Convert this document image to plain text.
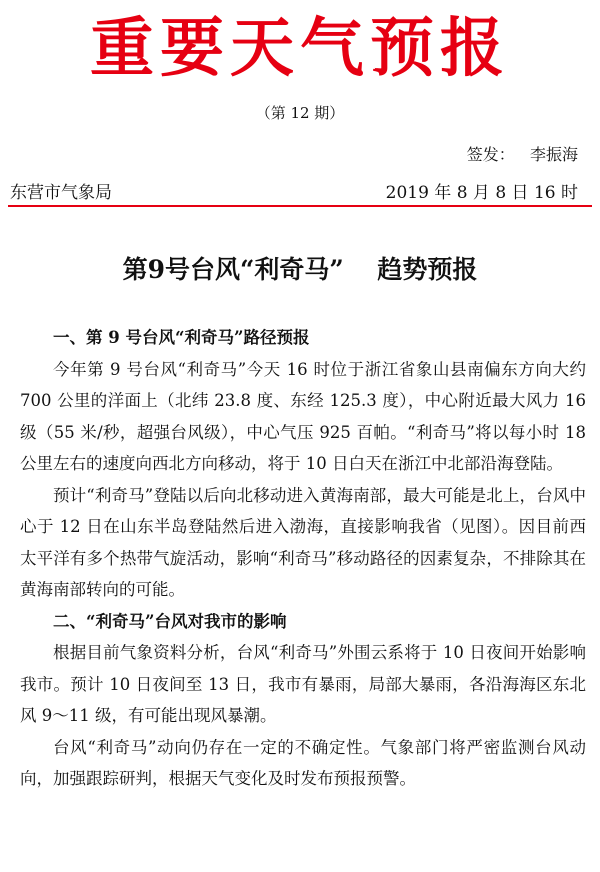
重要天气预报
（第 12 期）
签发：   李振海
东营市气象局	2019 年 8 月 8 日 16 时
第9号台风“利奇马”　 趋势预报
一、第 9 号台风“利奇马”路径预报

今年第 9 号台风“利奇马”今天 16 时位于浙江省象山县南偏东方向大约 700 公里的洋面上（北纬 23.8 度、东经 125.3 度），中心附近最大风力 16 级（55 米/秒，超强台风级），中心气压 925 百帕。“利奇马”将以每小时 18 公里左右的速度向西北方向移动，将于 10 日白天在浙江中北部沿海登陆。

预计“利奇马”登陆以后向北移动进入黄海南部，最大可能是北上，台风中心于 12 日在山东半岛登陆然后进入渤海，直接影响我省（见图）。因目前西太平洋有多个热带气旋活动，影响“利奇马”移动路径的因素复杂，不排除其在黄海南部转向的可能。

二、“利奇马”台风对我市的影响

根据目前气象资料分析，台风“利奇马”外围云系将于 10 日夜间开始影响我市。预计 10 日夜间至 13 日，我市有暴雨，局部大暴雨，各沿海海区东北风 9～11 级，有可能出现风暴潮。

台风“利奇马”动向仍存在一定的不确定性。气象部门将严密监测台风动向，加强跟踪研判，根据天气变化及时发布预报预警。
